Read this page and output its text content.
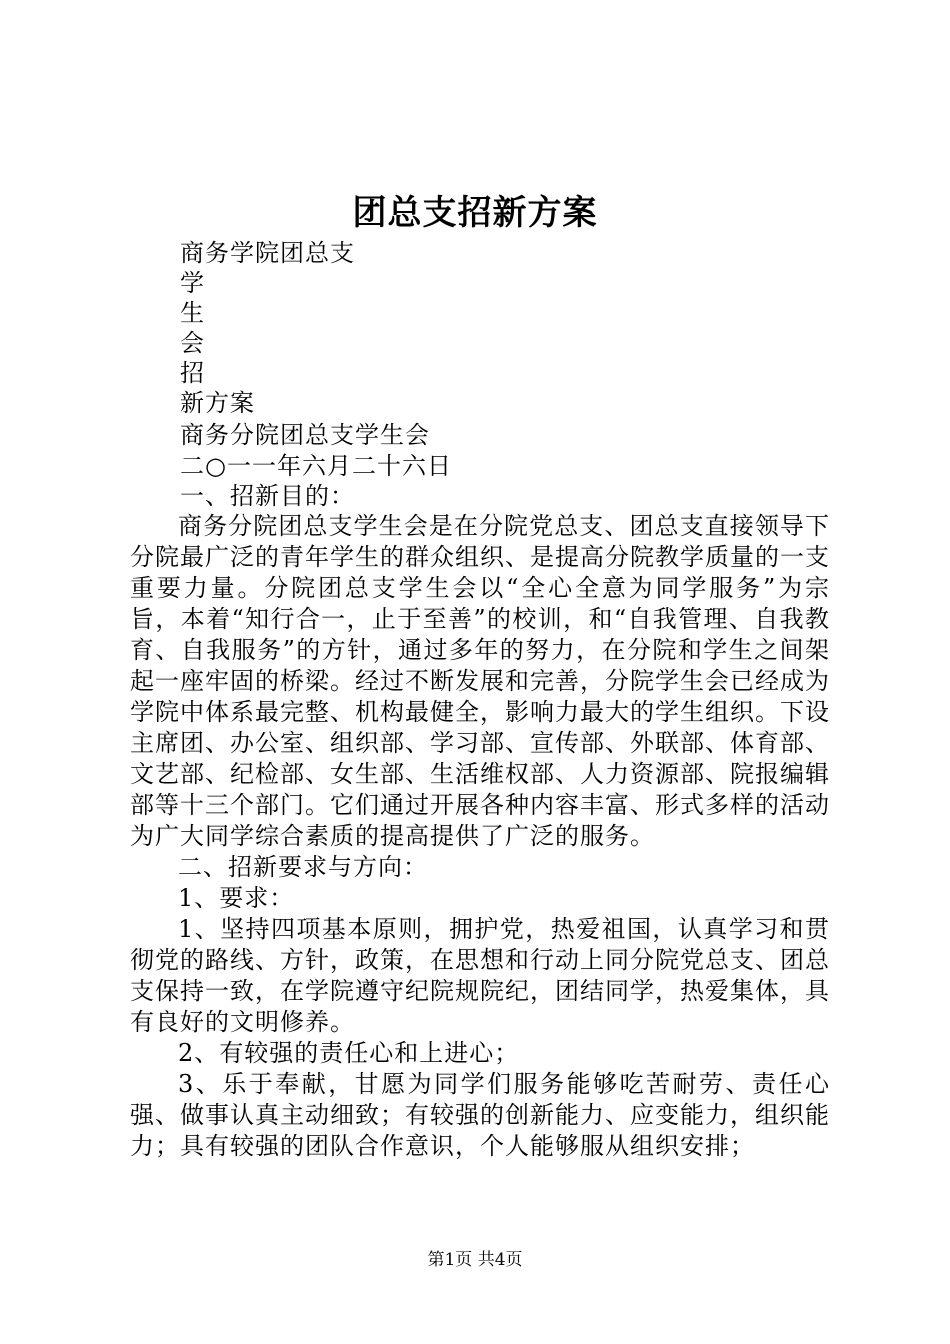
团总支招新方案
商务学院团总支
学
生
会
招
新方案
商务分院团总支学生会
二○一一年六月二十六日
一、招新目的：

商务分院团总支学生会是在分院党总支、团总支直接领导下分院最广泛的青年学生的群众组织、是提高分院教学质量的一支重要力量。分院团总支学生会以“全心全意为同学服务”为宗旨，本着“知行合一，止于至善”的校训，和“自我管理、自我教育、自我服务”的方针，通过多年的努力，在分院和学生之间架起一座牢固的桥梁。经过不断发展和完善，分院学生会已经成为学院中体系最完整、机构最健全，影响力最大的学生组织。下设主席团、办公室、组织部、学习部、宣传部、外联部、体育部、文艺部、纪检部、女生部、生活维权部、人力资源部、院报编辑部等十三个部门。它们通过开展各种内容丰富、形式多样的活动为广大同学综合素质的提高提供了广泛的服务。

二、招新要求与方向：

1、要求：

1、坚持四项基本原则，拥护党，热爱祖国，认真学习和贯彻党的路线、方针，政策，在思想和行动上同分院党总支、团总支保持一致，在学院遵守纪院规院纪，团结同学，热爱集体，具有良好的文明修养。

2、有较强的责任心和上进心；

3、乐于奉献，甘愿为同学们服务能够吃苦耐劳、责任心强、做事认真主动细致；有较强的创新能力、应变能力，组织能力；具有较强的团队合作意识，个人能够服从组织安排；

第1页 共4页
